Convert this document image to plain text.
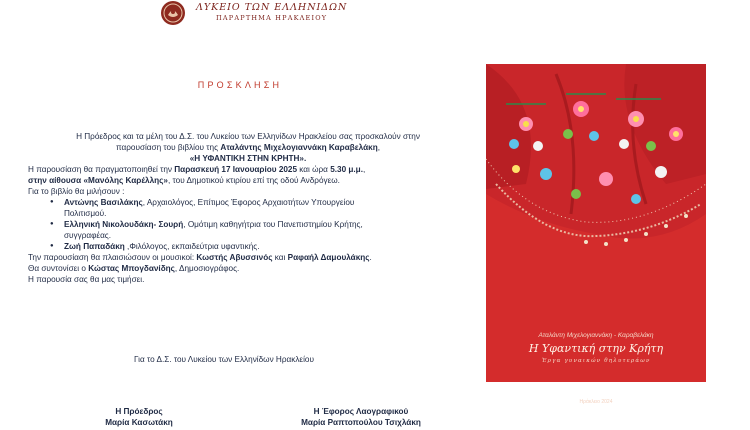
ΛΥΚΕΙΟ ΤΩΝ ΕΛΛΗΝΙΔΩΝ
ΠΑΡΑΡΤΗΜΑ ΗΡΑΚΛΕΙΟΥ
ΠΡΟΣΚΛΗΣΗ
Η Πρόεδρος και τα μέλη του Δ.Σ. του Λυκείου των Ελληνίδων Ηρακλείου σας προσκαλούν στην
παρουσίαση του βιβλίου της Αταλάντης Μιχελογιαννάκη Καραβελάκη,
«Η ΥΦΑΝΤΙΚΗ ΣΤΗΝ ΚΡΗΤΗ».
Η παρουσίαση θα πραγματοποιηθεί την Παρασκευή 17 Ιανουαρίου 2025 και ώρα 5.30 μ.μ.,
στην αίθουσα «Μανόλης Καρέλλης», του Δημοτικού κτιρίου επί της οδού Ανδρόγεω.
Για το βιβλίο θα μιλήσουν :
● Αντώνης Βασιλάκης, Αρχαιολόγος, Επίτιμος Έφορος Αρχαιοτήτων Υπουργείου
Πολιτισμού.
● Ελληνική Νικολουδάκη- Σουρή, Ομότιμη καθηγήτρια του Πανεπιστημίου Κρήτης,
συγγραφέας.
● Ζωή Παπαδάκη ,Φιλόλογος, εκπαιδεύτρια υφαντικής.
Την παρουσίαση θα πλαισιώσουν οι μουσικοί: Κωστής Αβυσσινός και Ραφαήλ Δαμουλάκης.
Θα συντονίσει ο Κώστας Μπογδανίδης, Δημοσιογράφος.
Η παρουσία σας θα μας τιμήσει.
Για το Δ.Σ. του Λυκείου των Ελληνίδων Ηρακλείου
Η Πρόεδρος
Μαρία Κασωτάκη
Η Έφορος Λαογραφικού
Μαρία Ραπτοπούλου Τσιχλάκη
Αταλάντη Μιχελογιαννάκη - Καραβελάκη
Η Υφαντική στην Κρήτη
Έργα γυναικών θηλυτεράων
Ηράκλειο 2024
